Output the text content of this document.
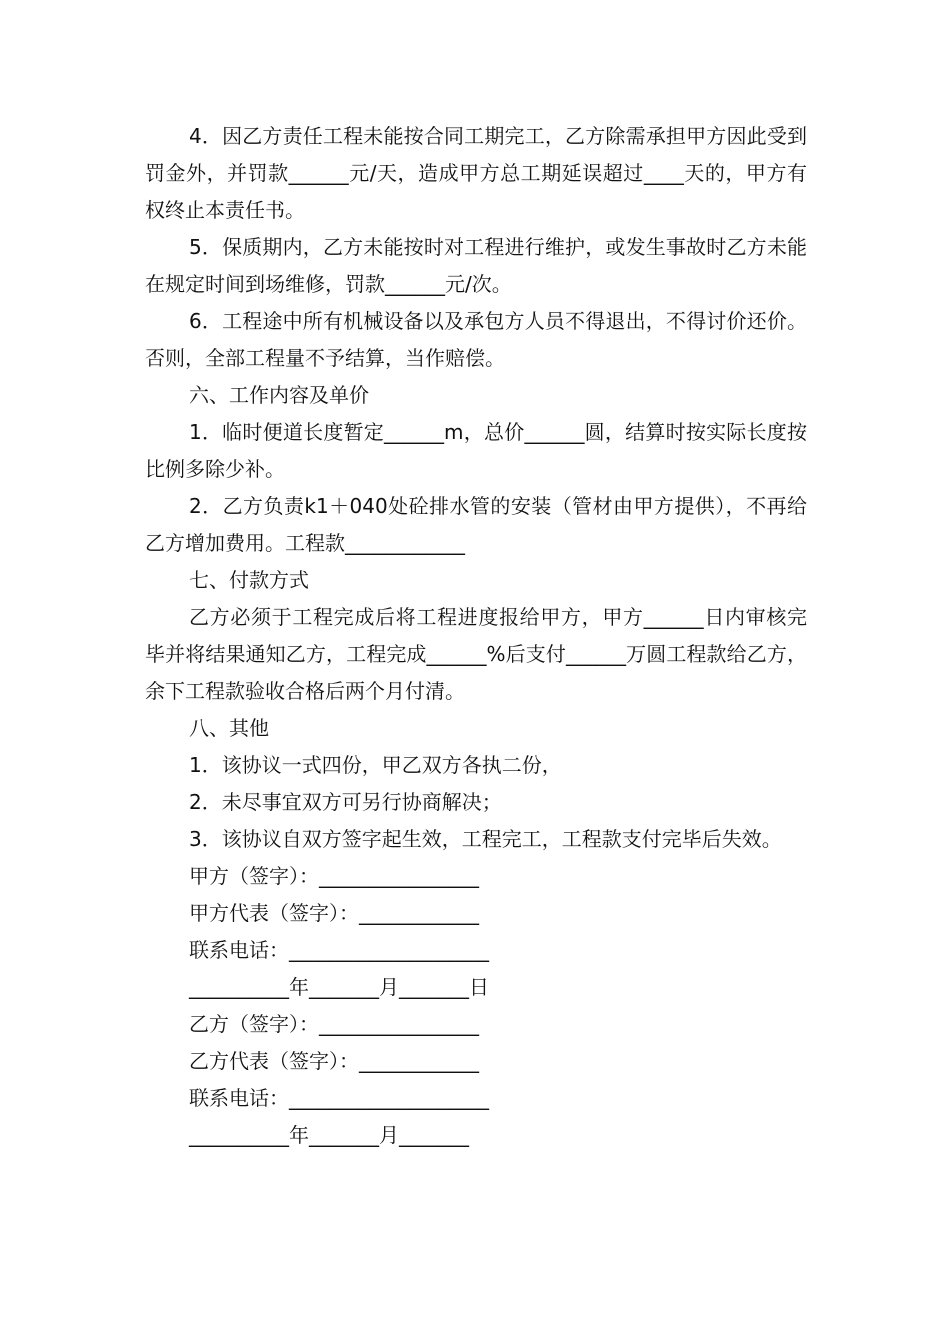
4．因乙方责任工程未能按合同工期完工，乙方除需承担甲方因此受到罚金外，并罚款______元/天，造成甲方总工期延误超过____天的，甲方有权终止本责任书。

5．保质期内，乙方未能按时对工程进行维护，或发生事故时乙方未能在规定时间到场维修，罚款______元/次。

6．工程途中所有机械设备以及承包方人员不得退出，不得讨价还价。否则，全部工程量不予结算，当作赔偿。

六、工作内容及单价

1．临时便道长度暂定______m，总价______圆，结算时按实际长度按比例多除少补。

2．乙方负责k1＋040处砼排水管的安装（管材由甲方提供），不再给乙方增加费用。工程款____________

七、付款方式

乙方必须于工程完成后将工程进度报给甲方，甲方______日内审核完毕并将结果通知乙方，工程完成______%后支付______万圆工程款给乙方，余下工程款验收合格后两个月付清。

八、其他

1．该协议一式四份，甲乙双方各执二份，

2．未尽事宜双方可另行协商解决；

3．该协议自双方签字起生效，工程完工，工程款支付完毕后失效。

甲方（签字）：________________

甲方代表（签字）：____________

联系电话：____________________

__________年_______月_______日

乙方（签字）：________________

乙方代表（签字）：____________

联系电话：____________________

__________年_______月_______
